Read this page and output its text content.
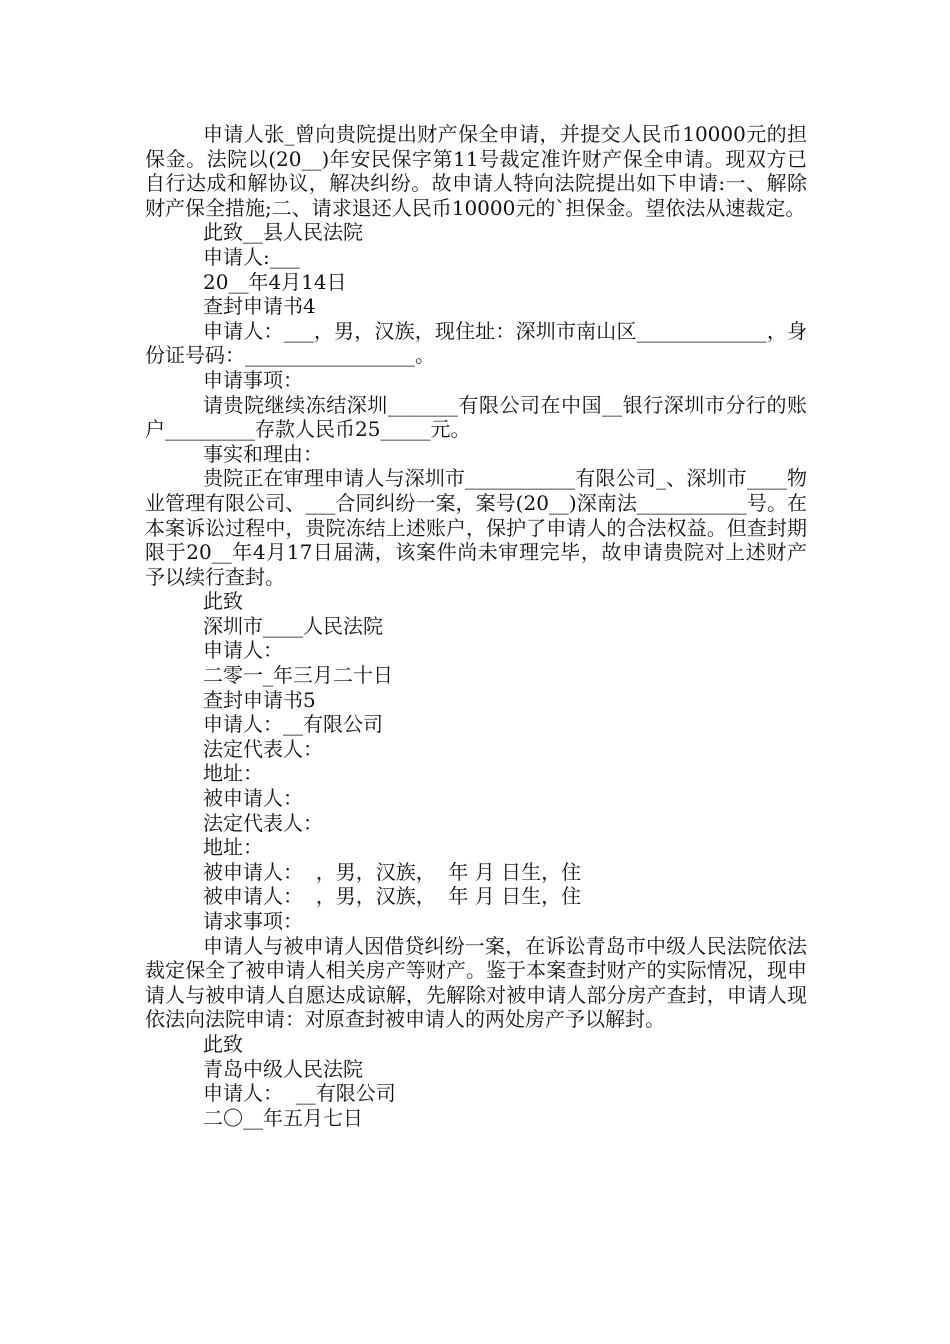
申请人张_曾向贵院提出财产保全申请，并提交人民币10000元的担保金。法院以(20__)年安民保字第11号裁定准许财产保全申请。现双方已自行达成和解协议，解决纠纷。故申请人特向法院提出如下申请:一、解除财产保全措施;二、请求退还人民币10000元的`担保金。望依法从速裁定。

此致__县人民法院

申请人:___

20__年4月14日

查封申请书4

申请人：___，男，汉族，现住址：深圳市南山区_____________，身份证号码：_________________。

申请事项：

请贵院继续冻结深圳_______有限公司在中国__银行深圳市分行的账户_________存款人民币25_____元。

事实和理由：

贵院正在审理申请人与深圳市___________有限公司_、深圳市____物业管理有限公司、___合同纠纷一案，案号(20__)深南法___________号。在本案诉讼过程中，贵院冻结上述账户，保护了申请人的合法权益。但查封期限于20__年4月17日届满，该案件尚未审理完毕，故申请贵院对上述财产予以续行查封。

此致

深圳市____人民法院

申请人：

二零一_年三月二十日

查封申请书5

申请人：__有限公司

法定代表人：

地址：

被申请人：

法定代表人：

地址：

被申请人：  ，男，汉族，  年 月 日生，住

被申请人：  ，男，汉族，  年 月 日生，住

请求事项：

申请人与被申请人因借贷纠纷一案，在诉讼青岛市中级人民法院依法裁定保全了被申请人相关房产等财产。鉴于本案查封财产的实际情况，现申请人与被申请人自愿达成谅解，先解除对被申请人部分房产查封，申请人现依法向法院申请：对原查封被申请人的两处房产予以解封。

此致

青岛中级人民法院

申请人：  __有限公司

二〇__年五月七日
